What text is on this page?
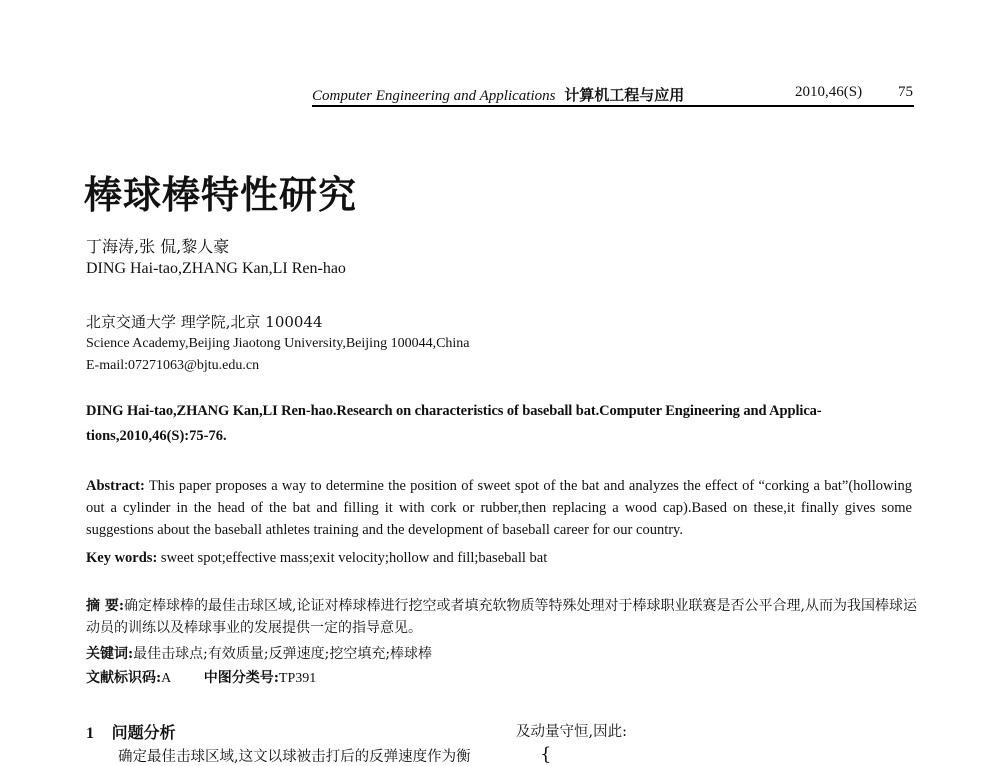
Computer Engineering and Applications 计算机工程与应用	2010,46(S) 75
棒球棒特性研究
丁海涛,张 侃,黎人豪
DING Hai-tao,ZHANG Kan,LI Ren-hao
北京交通大学 理学院,北京 100044
Science Academy,Beijing Jiaotong University,Beijing 100044,China
E-mail:07271063@bjtu.edu.cn
DING Hai-tao,ZHANG Kan,LI Ren-hao.Research on characteristics of baseball bat.Computer Engineering and Applica-
tions,2010,46(S):75-76.
Abstract: This paper proposes a way to determine the position of sweet spot of the bat and analyzes the effect of “corking a bat”(hollowing out a cylinder in the head of the bat and filling it with cork or rubber,then replacing a wood cap).Based on these,it finally gives some suggestions about the baseball athletes training and the development of baseball career for our country.
Key words: sweet spot;effective mass;exit velocity;hollow and fill;baseball bat
摘 要:确定棒球棒的最佳击球区域,论证对棒球棒进行挖空或者填充软物质等特殊处理对于棒球职业联赛是否公平合理,从而为我国棒球运动员的训练以及棒球事业的发展提供一定的指导意见。
关键词:最佳击球点;有效质量;反弹速度;挖空填充;棒球棒
文献标识码:A 中图分类号:TP391
1 问题分析
确定最佳击球区域,这文以球被击打后的反弹速度作为衡
及动量守恒,因此:
{
